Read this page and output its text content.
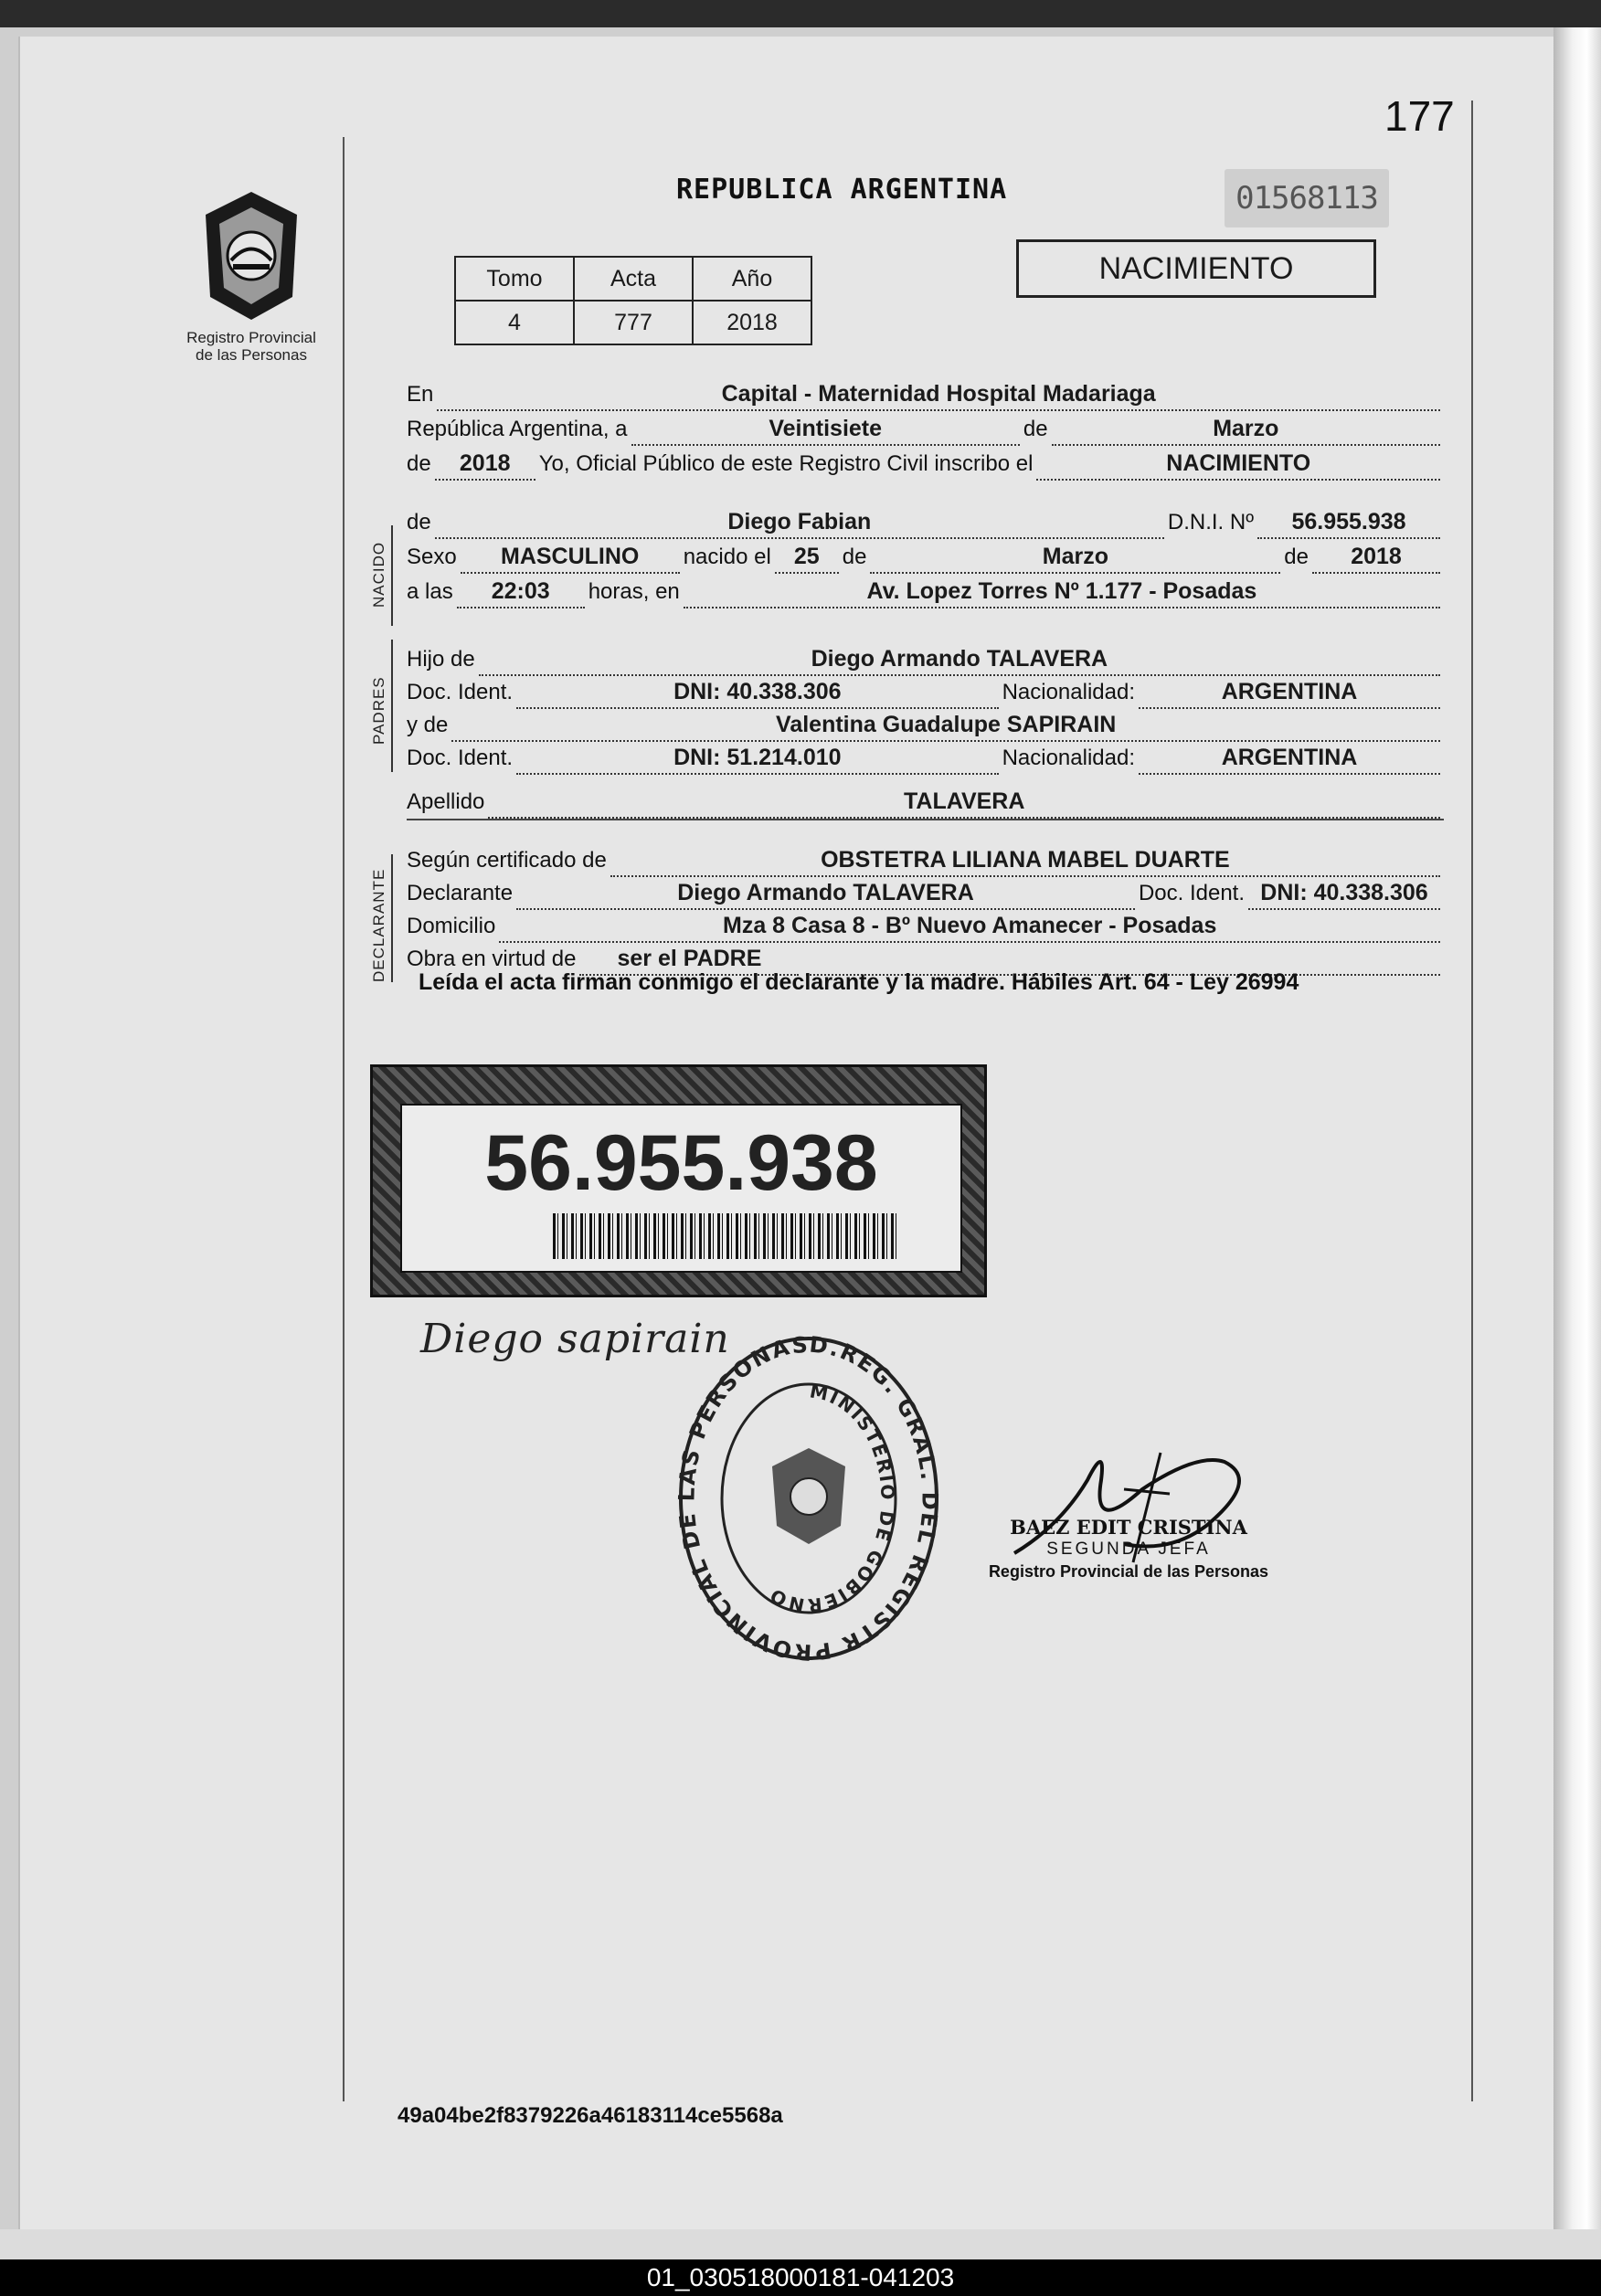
177
Registro Provincial
de las Personas
REPUBLICA ARGENTINA	01568113
Tomo	Acta	Año
4	777	2018
NACIMIENTO
En	Capital - Maternidad Hospital Madariaga
República Argentina, a	Veintisiete	de	Marzo
de	2018	Yo, Oficial Público de este Registro Civil inscribo el	NACIMIENTO
NACIDO
de	Diego Fabian	D.N.I. Nº	56.955.938
Sexo	MASCULINO	nacido el	25	de	Marzo	de	2018
a las	22:03	horas, en	Av. Lopez Torres Nº 1.177 - Posadas
PADRES
Hijo de	Diego Armando TALAVERA
Doc. Ident.	DNI: 40.338.306	Nacionalidad:	ARGENTINA
y de	Valentina Guadalupe SAPIRAIN
Doc. Ident.	DNI: 51.214.010	Nacionalidad:	ARGENTINA
Apellido	TALAVERA
DECLARANTE
Según certificado de	OBSTETRA LILIANA MABEL DUARTE
Declarante	Diego Armando TALAVERA	Doc. Ident. DNI: 40.338.306
Domicilio	Mza 8 Casa 8 - Bº Nuevo Amanecer - Posadas
Obra en virtud de	ser el PADRE
Leída el acta firman conmigo el declarante y la madre. Hábiles Art. 64 - Ley 26994
56.955.938
Diego sapirain	D.REG. GRAL. DEL REGISTR PROVINCIAL DE LAS PERSONAS
MINISTERIO DE GOBIERNO
BAEZ EDIT CRISTINA
SEGUNDA JEFA
Registro Provincial de las Personas
49a04be2f8379226a46183114ce5568a
01_030518000181-041203
